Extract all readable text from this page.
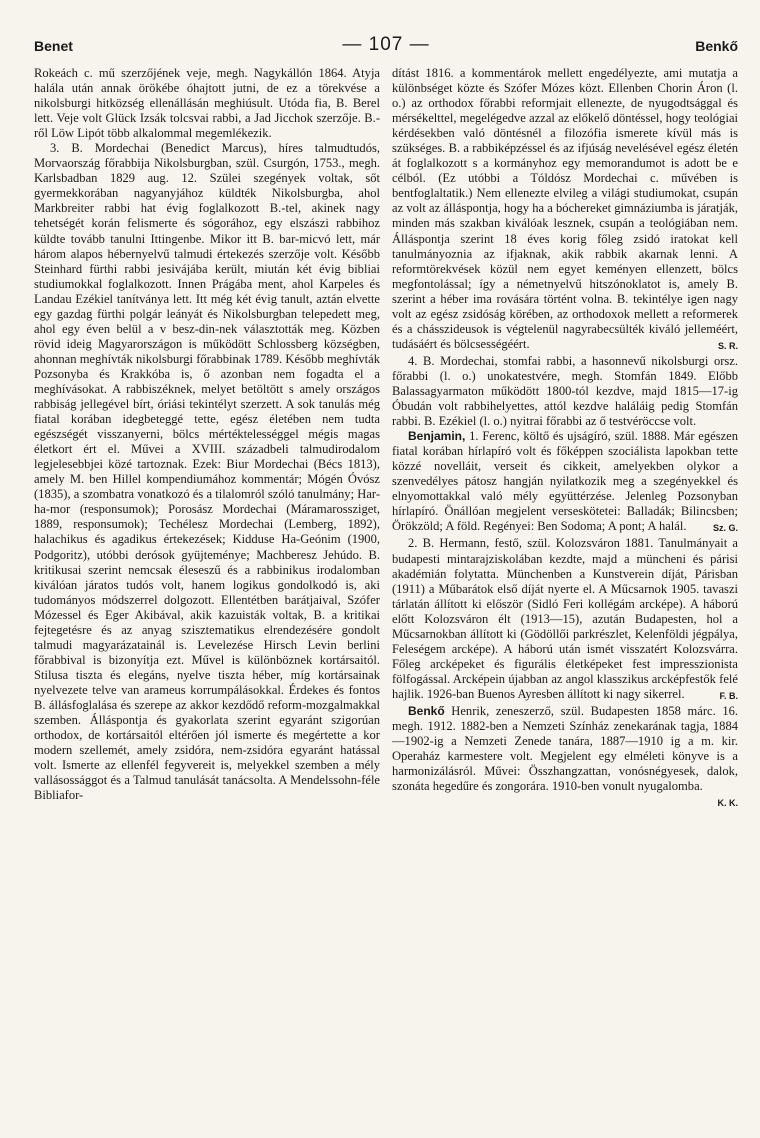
Benet	— 107 —	Benkő

Rokeách c. mű szerzőjének veje, megh. Nagykállón 1864. Atyja halála után annak örökébe óhajtott jutni, de ez a törekvése a nikolsburgi hitközség ellenállásán meghiúsult. Utóda fia, B. Berel lett. Veje volt Glück Izsák tolcsvai rabbi, a Jad Jicchok szerzője. B.-ről Löw Lipót több alkalommal megemlékezik.

3. B. Mordechai (Benedict Marcus), híres talmudtudós, Morvaország főrabbija Nikolsburgban, szül. Csurgón, 1753., megh. Karlsbadban 1829 aug. 12. Szülei szegények voltak, sőt gyermekkorában nagyanyjához küldték Nikolsburgba, ahol Markbreiter rabbi hat évig foglalkozott B.-tel, akinek nagy tehetségét korán felismerte és sógorához, egy elszászi rabbihoz küldte tovább tanulni Ittingenbe. Mikor itt B. bar-micvó lett, már három alapos hébernyelvű talmudi értekezés szerzője volt. Később Steinhard fürthi rabbi jesivájába került, miután két évig bibliai studiumokkal foglalkozott. Innen Prágába ment, ahol Karpeles és Landau Ezékiel tanítványa lett. Itt még két évig tanult, aztán elvette egy gazdag fürthi polgár leányát és Nikolsburgban telepedett meg, ahol egy éven belül a v besz-din-nek választották meg. Közben rövid ideig Magyarországon is működött Schlossberg községben, ahonnan meghívták nikolsburgi főrabbinak 1789. Később meghívták Pozsonyba és Krakkóba is, ő azonban nem fogadta el a meghívásokat. A rabbiszéknek, melyet betöltött s amely országos rabbiság jellegével bírt, óriási tekintélyt szerzett. A sok tanulás még fiatal korában idegbeteggé tette, egész életében nem tudta egészségét visszanyerni, bölcs mértéktelességgel mégis magas életkort ért el. Művei a XVIII. századbeli talmudirodalom legjelesebbjei közé tartoznak. Ezek: Biur Mordechai (Bécs 1813), amely M. ben Hillel kompendiumához kommentár; Mógén Óvósz (1835), a szombatra vonatkozó és a tilalomról szóló tanulmány; Har-ha-mor (responsumok); Porosász Mordechai (Máramarossziget, 1889, responsumok); Techélesz Mordechai (Lemberg, 1892), halachikus és agadikus értekezések; Kidduse Ha-Geónim (1900, Podgoritz), utóbbi derósok gyüjteménye; Machberesz Jehúdo. B. kritikusai szerint nemcsak éleseszű és a rabbinikus irodalomban kiválóan járatos tudós volt, hanem logikus gondolkodó is, aki tudományos módszerrel dolgozott. Ellentétben barátjaival, Szófer Mózessel és Eger Akibával, akik kazuisták voltak, B. a kritikai fejtegetésre és az anyag szisztematikus elrendezésére gondolt talmudi magyarázatainál is. Levelezése Hirsch Levin berlini főrabbival is bizonyítja ezt. Művel is különböznek kortársaitól. Stilusa tiszta és elegáns, nyelve tiszta héber, míg kortársainak nyelvezete telve van arameus korrumpálásokkal. Érdekes és fontos B. állásfoglalása és szerepe az akkor kezdődő reform-mozgalmakkal szemben. Álláspontja és gyakorlata szerint egyaránt szigorúan orthodox, de kortársaitól eltérően jól ismerte és megértette a kor modern szellemét, amely zsidóra, nem-zsidóra egyaránt hatással volt. Ismerte az ellenfél fegyvereit is, melyekkel szemben a mély vallásossággot és a Talmud tanulását tanácsolta. A Mendelssohn-féle Bibliafor-

dítást 1816. a kommentárok mellett engedélyezte, ami mutatja a különbséget közte és Szófer Mózes közt. Ellenben Chorin Áron (l. o.) az orthodox főrabbi reformjait ellenezte, de nyugodtsággal és mérsékelttel, megelégedve azzal az előkelő döntéssel, hogy teológiai kérdésekben való döntésnél a filozófia ismerete kívül más is szükséges. B. a rabbiképzéssel és az ifjúság nevelésével egész életén át foglalkozott s a kormányhoz egy memorandumot is adott be e célból. (Ez utóbbi a Tóldósz Mordechai c. művében is bentfoglaltatik.) Nem ellenezte elvileg a világi studiumokat, csupán az volt az álláspontja, hogy ha a bóchereket gimnáziumba is járatják, minden más szakban kiválóak lesznek, csupán a teológiában nem. Álláspontja szerint 18 éves korig főleg zsidó iratokat kell tanulmányoznia az ifjaknak, akik rabbik akarnak lenni. A reformtörekvések közül nem egyet keményen ellenzett, bölcs megfontolással; így a németnyelvű hitszónoklatot is, amely B. szerint a héber ima rovására történt volna. B. tekintélye igen nagy volt az egész zsidóság körében, az orthodoxok mellett a reformerek és a chásszideusok is végtelenül nagyrabecsülték kiváló jelleméért, tudásáért és bölcsességéért.	S. R.

4. B. Mordechai, stomfai rabbi, a hasonnevű nikolsburgi orsz. főrabbi (l. o.) unokatestvére, megh. Stomfán 1849. Előbb Balassagyarmaton működött 1800-tól kezdve, majd 1815—17-ig Óbudán volt rabbihelyettes, attól kezdve haláláig pedig Stomfán rabbi. B. Ezékiel (l. o.) nyitrai főrabbi az ő testvéröccse volt.

Benjamin, 1. Ferenc, költő és ujságíró, szül. 1888. Már egészen fiatal korában hírlapíró volt és főképpen szociálista lapokban tette közzé novelláit, verseit és cikkeit, amelyekben olykor a szenvedélyes pátosz hangján nyilatkozik meg a szegényekkel és elnyomottakkal való mély együttérzése. Jelenleg Pozsonyban hírlapíró. Önállóan megjelent verseskötetei: Balladák; Bilincsben; Örökzöld; A föld. Regényei: Ben Sodoma; A pont; A halál.	Sz. G.

2. B. Hermann, festő, szül. Kolozsváron 1881. Tanulmányait a budapesti mintarajziskolában kezdte, majd a müncheni és párisi akadémián folytatta. Münchenben a Kunstverein díját, Párisban (1911) a Műbarátok első díját nyerte el. A Műcsarnok 1905. tavaszi tárlatán állított ki először (Sidló Feri kollégám arcképe). A háború előtt Kolozsváron élt (1913—15), azután Budapesten, hol a Műcsarnokban állított ki (Gödöllői parkrészlet, Kelenföldi jégpálya, Feleségem arcképe). A háború után ismét visszatért Kolozsvárra. Főleg arcképeket és figurális életképeket fest impresszionista fölfogással. Arcképein újabban az angol klasszikus arcképfestők felé hajlik. 1926-ban Buenos Ayresben állított ki nagy sikerrel.	F. B.

Benkő Henrik, zeneszerző, szül. Budapesten 1858 márc. 16. megh. 1912. 1882-ben a Nemzeti Színház zenekarának tagja, 1884—1902-ig a Nemzeti Zenede tanára, 1887—1910 ig a m. kir. Operaház karmestere volt. Megjelent egy elméleti könyve is a harmonizálásról. Művei: Összhangzattan, vonósnégyesek, dalok, szonáta hegedűre és zongorára. 1910-ben vonult nyugalomba.
K. K.
